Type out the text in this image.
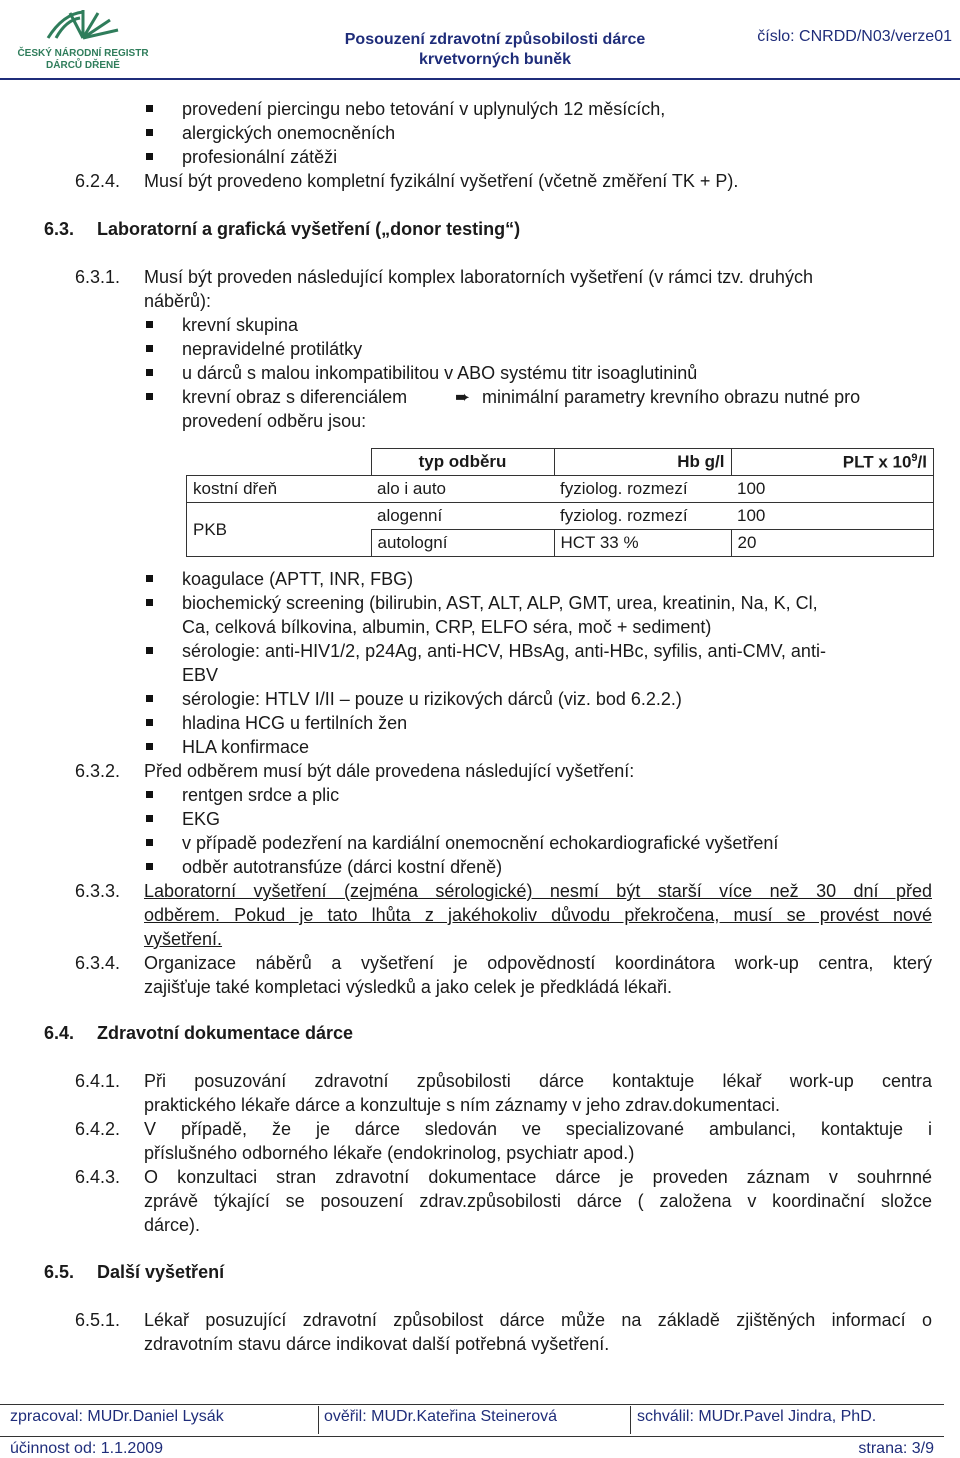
ČESKÝ NÁRODNÍ REGISTR
DÁRCŮ DŘENĚ
Posouzení zdravotní způsobilosti dárce
krvetvorných buněk
číslo: CNRDD/N03/verze01
provedení piercingu nebo tetování v uplynulých 12 měsících,
alergických onemocněních
profesionální zátěži
6.2.4. Musí být provedeno kompletní fyzikální vyšetření (včetně změření TK + P).
6.3. Laboratorní a grafická vyšetření („donor testing“)
6.3.1. Musí být proveden následující komplex laboratorních vyšetření (v rámci tzv. druhých
náběrů):
krevní skupina
nepravidelné protilátky
u dárců s malou inkompatibilitou v ABO systému titr isoaglutininů
krevní obraz s diferenciálem	➨ minimální parametry krevního obrazu nutné pro
provedení odběru jsou:
	typ odběru	Hb g/l	PLT x $10^9/l$
kostní dřeň	alo i auto	fyziolog. rozmezí	100
PKB	alogenní	fyziolog. rozmezí	100
	autologní	HCT 33 %	20
koagulace (APTT, INR, FBG)
biochemický screening (bilirubin, AST, ALT, ALP, GMT, urea, kreatinin, Na, K, Cl,
Ca, celková bílkovina, albumin, CRP, ELFO séra, moč + sediment)
sérologie: anti-HIV1/2, p24Ag, anti-HCV, HBsAg, anti-HBc, syfilis, anti-CMV, anti-
EBV
sérologie: HTLV I/II – pouze u rizikových dárců (viz. bod 6.2.2.)
hladina HCG u fertilních žen
HLA konfirmace
6.3.2. Před odběrem musí být dále provedena následující vyšetření:
rentgen srdce a plic
EKG
v případě podezření na kardiální onemocnění echokardiografické vyšetření
odběr autotransfúze (dárci kostní dřeně)
6.3.3. Laboratorní vyšetření (zejména sérologické) nesmí být starší více než 30 dní před
odběrem. Pokud je tato lhůta z jakéhokoliv důvodu překročena, musí se provést nové
vyšetření.
6.3.4. Organizace náběrů a vyšetření je odpovědností koordinátora work-up centra, který
zajišťuje také kompletaci výsledků a jako celek je předkládá lékaři.
6.4. Zdravotní dokumentace dárce
6.4.1. Při posuzování zdravotní způsobilosti dárce kontaktuje lékař work-up centra
praktického lékaře dárce a konzultuje s ním záznamy v jeho zdrav.dokumentaci.
6.4.2. V případě, že je dárce sledován ve specializované ambulanci, kontaktuje i
příslušného odborného lékaře (endokrinolog, psychiatr apod.)
6.4.3. O konzultaci stran zdravotní dokumentace dárce je proveden záznam v souhrnné
zprávě týkající se posouzení zdrav.způsobilosti dárce ( založena v koordinační složce
dárce).
6.5. Další vyšetření
6.5.1. Lékař posuzující zdravotní způsobilost dárce může na základě zjištěných informací o
zdravotním stavu dárce indikovat další potřebná vyšetření.
zpracoval: MUDr.Daniel Lysák	ověřil: MUDr.Kateřina Steinerová	schválil: MUDr.Pavel Jindra, PhD.
účinnost od: 1.1.2009	strana: 3/9
